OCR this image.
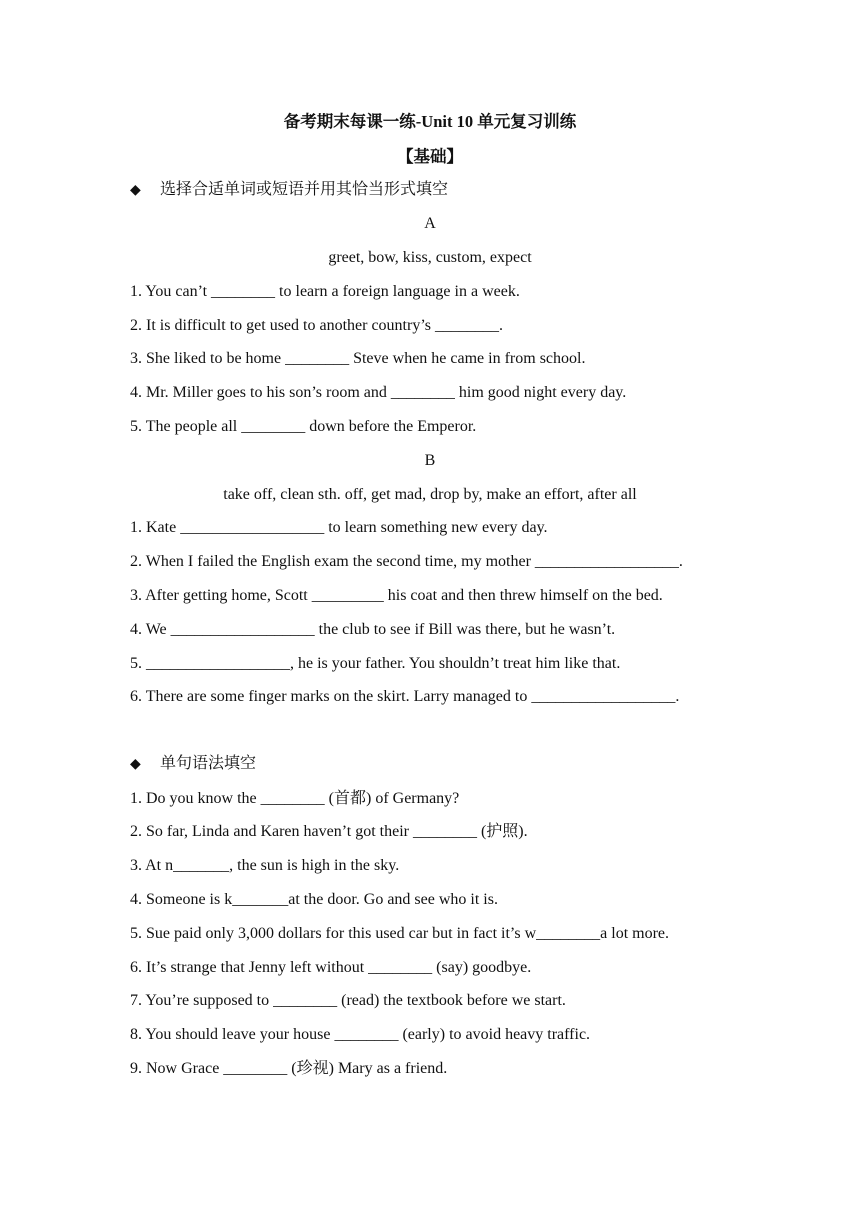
备考期末每课一练-Unit 10 单元复习训练
【基础】
◆ 选择合适单词或短语并用其恰当形式填空
A
greet, bow, kiss, custom, expect
1. You can’t ________ to learn a foreign language in a week.
2. It is difficult to get used to another country’s ________.
3. She liked to be home ________ Steve when he came in from school.
4. Mr. Miller goes to his son’s room and ________ him good night every day.
5. The people all ________ down before the Emperor.
B
take off, clean sth. off, get mad, drop by, make an effort, after all
1. Kate __________________ to learn something new every day.
2. When I failed the English exam the second time, my mother __________________.
3. After getting home, Scott _________ his coat and then threw himself on the bed.
4. We __________________ the club to see if Bill was there, but he wasn’t.
5. __________________, he is your father. You shouldn’t treat him like that.
6. There are some finger marks on the skirt. Larry managed to __________________.
◆ 单句语法填空
1. Do you know the ________ (首都) of Germany?
2. So far, Linda and Karen haven’t got their ________ (护照).
3. At n_______, the sun is high in the sky.
4. Someone is k_______at the door. Go and see who it is.
5. Sue paid only 3,000 dollars for this used car but in fact it’s w________a lot more.
6. It’s strange that Jenny left without ________ (say) goodbye.
7. You’re supposed to ________ (read) the textbook before we start.
8. You should leave your house ________ (early) to avoid heavy traffic.
9. Now Grace ________ (珍视) Mary as a friend.
